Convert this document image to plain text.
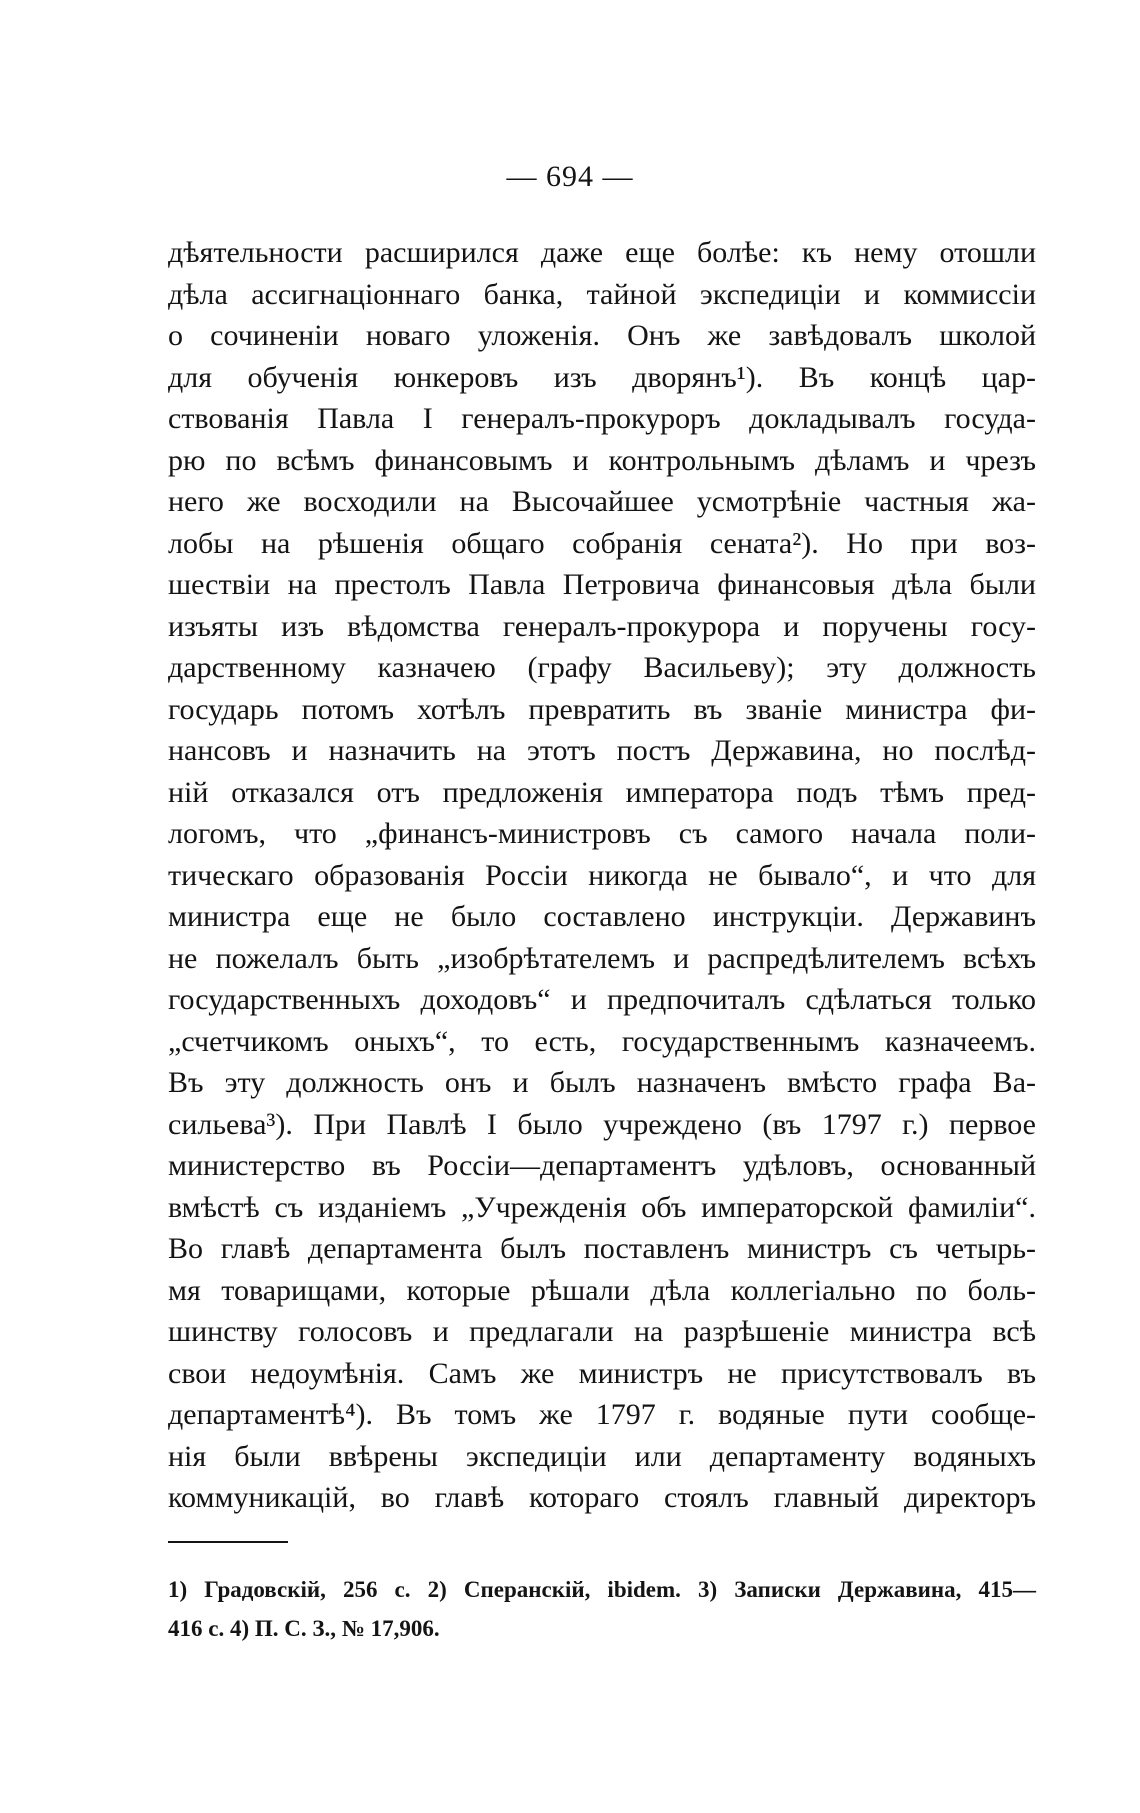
— 694 —
дѣятельности расширился даже еще болѣе: къ нему отошли
дѣла ассигнаціоннаго банка, тайной экспедиціи и коммиссіи
о сочиненіи новаго уложенія. Онъ же завѣдовалъ школой
для обученія юнкеровъ изъ дворянъ¹). Въ концѣ цар-
ствованія Павла I генералъ-прокуроръ докладывалъ госуда-
рю по всѣмъ финансовымъ и контрольнымъ дѣламъ и чрезъ
него же восходили на Высочайшее усмотрѣніе частныя жа-
лобы на рѣшенія общаго собранія сената²). Но при воз-
шествіи на престолъ Павла Петровича финансовыя дѣла были
изъяты изъ вѣдомства генералъ-прокурора и поручены госу-
дарственному казначею (графу Васильеву); эту должность
государь потомъ хотѣлъ превратить въ званіе министра фи-
нансовъ и назначить на этотъ постъ Державина, но послѣд-
ній отказался отъ предложенія императора подъ тѣмъ пред-
логомъ, что „финансъ-министровъ съ самого начала поли-
тическаго образованія Россіи никогда не бывало“, и что для
министра еще не было составлено инструкціи. Державинъ
не пожелалъ быть „изобрѣтателемъ и распредѣлителемъ всѣхъ
государственныхъ доходовъ“ и предпочиталъ сдѣлаться только
„счетчикомъ оныхъ“, то есть, государственнымъ казначеемъ.
Въ эту должность онъ и былъ назначенъ вмѣсто графа Ва-
сильева³). При Павлѣ I было учреждено (въ 1797 г.) первое
министерство въ Россіи—департаментъ удѣловъ, основанный
вмѣстѣ съ изданіемъ „Учрежденія объ императорской фамиліи“.
Во главѣ департамента былъ поставленъ министръ съ четырь-
мя товарищами, которые рѣшали дѣла коллегіально по боль-
шинству голосовъ и предлагали на разрѣшеніе министра всѣ
свои недоумѣнія. Самъ же министръ не присутствовалъ въ
департаментѣ⁴). Въ томъ же 1797 г. водяные пути сообще-
нія были ввѣрены экспедиціи или департаменту водяныхъ
коммуникацій, во главѣ котораго стоялъ главный директоръ
1) Градовскій, 256 с. 2) Сперанскій, ibidem. 3) Записки Державина, 415—
416 с. 4) П. С. З., № 17,906.
